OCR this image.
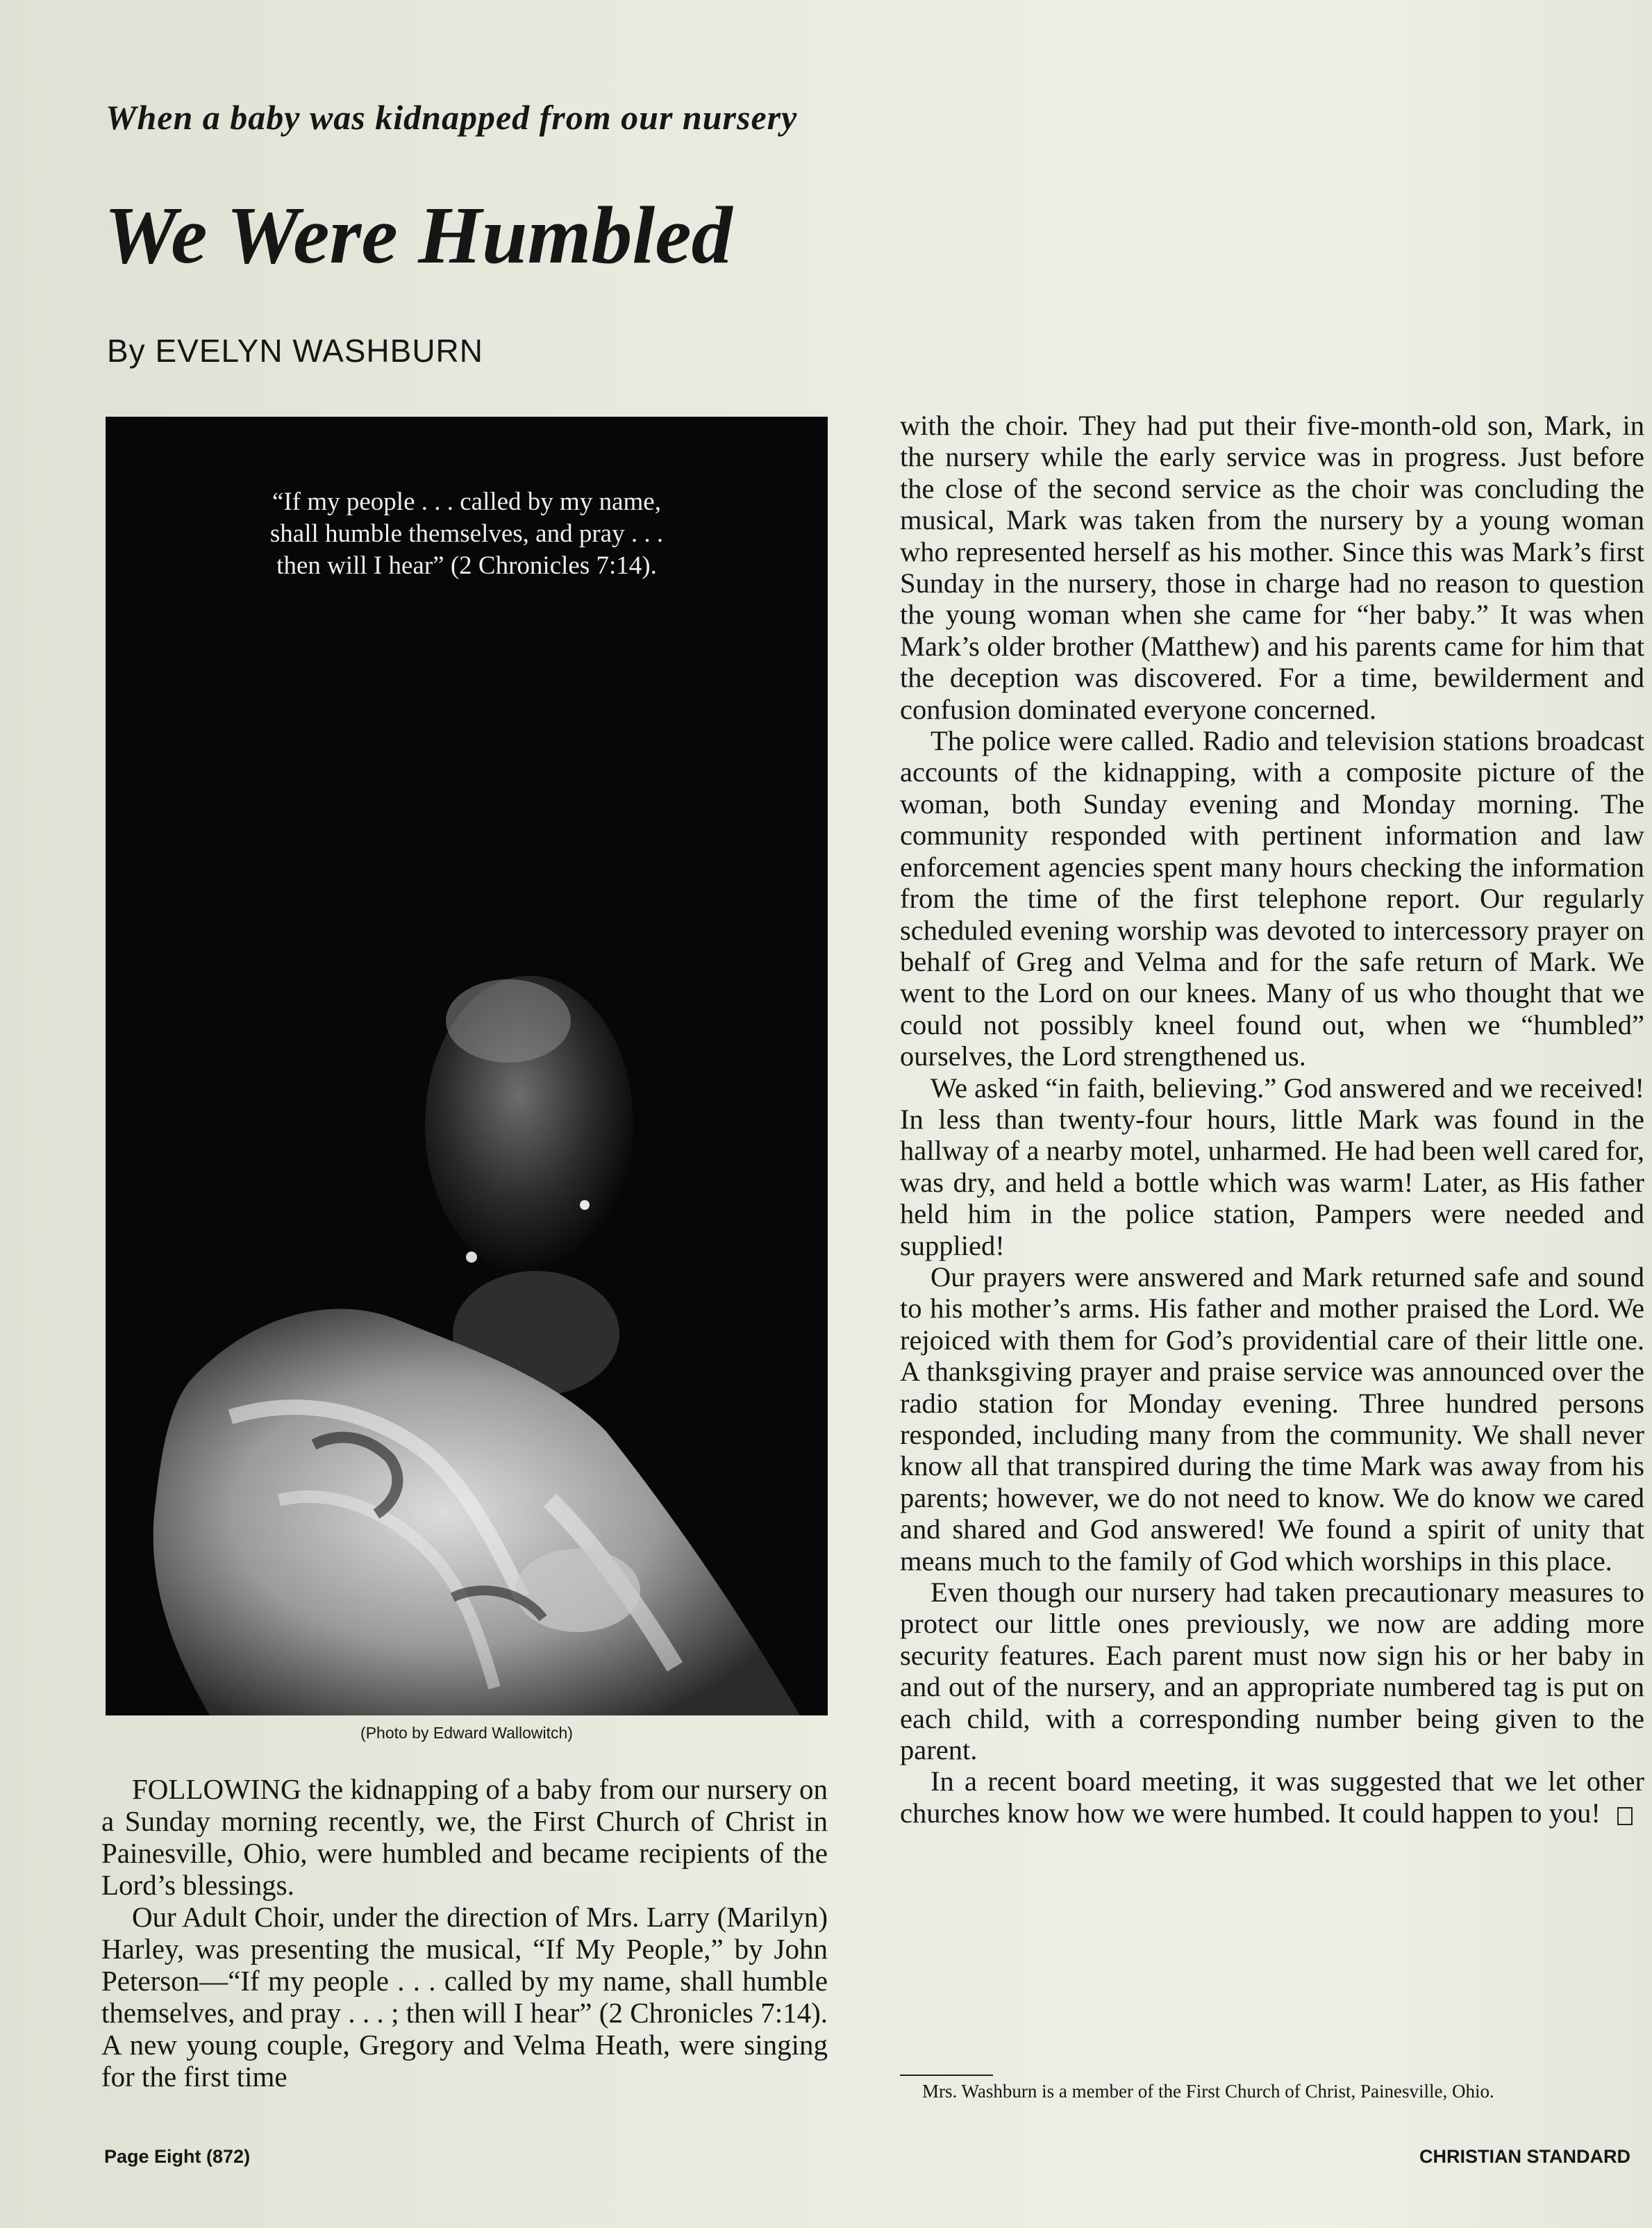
When a baby was kidnapped from our nursery
We Were Humbled
By EVELYN WASHBURN
“If my people . . . called by my name,
shall humble themselves, and pray . . .
then will I hear” (2 Chronicles 7:14).
(Photo by Edward Wallowitch)

FOLLOWING the kidnapping of a baby from our nursery on a Sunday morning recently, we, the First Church of Christ in Painesville, Ohio, were humbled and became recipients of the Lord’s blessings.

Our Adult Choir, under the direction of Mrs. Larry (Marilyn) Harley, was presenting the musical, “If My People,” by John Peterson—“If my people . . . called by my name, shall humble themselves, and pray . . . ; then will I hear” (2 Chronicles 7:14). A new young couple, Gregory and Velma Heath, were singing for the first time

with the choir. They had put their five-month-old son, Mark, in the nursery while the early service was in progress. Just before the close of the second service as the choir was concluding the musical, Mark was taken from the nursery by a young woman who represented herself as his mother. Since this was Mark’s first Sunday in the nursery, those in charge had no reason to question the young woman when she came for “her baby.” It was when Mark’s older brother (Matthew) and his parents came for him that the deception was discovered. For a time, bewilderment and confusion dominated everyone concerned.

The police were called. Radio and television stations broadcast accounts of the kidnapping, with a composite picture of the woman, both Sunday evening and Monday morning. The community responded with pertinent information and law enforcement agencies spent many hours checking the information from the time of the first telephone report. Our regularly scheduled evening worship was devoted to intercessory prayer on behalf of Greg and Velma and for the safe return of Mark. We went to the Lord on our knees. Many of us who thought that we could not possibly kneel found out, when we “humbled” ourselves, the Lord strengthened us.

We asked “in faith, believing.” God answered and we received! In less than twenty-four hours, little Mark was found in the hallway of a nearby motel, unharmed. He had been well cared for, was dry, and held a bottle which was warm! Later, as His father held him in the police station, Pampers were needed and supplied!

Our prayers were answered and Mark returned safe and sound to his mother’s arms. His father and mother praised the Lord. We rejoiced with them for God’s providential care of their little one. A thanksgiving prayer and praise service was announced over the radio station for Monday evening. Three hundred persons responded, including many from the community. We shall never know all that transpired during the time Mark was away from his parents; however, we do not need to know. We do know we cared and shared and God answered! We found a spirit of unity that means much to the family of God which worships in this place.

Even though our nursery had taken precautionary measures to protect our little ones previously, we now are adding more security features. Each parent must now sign his or her baby in and out of the nursery, and an appropriate numbered tag is put on each child, with a corresponding number being given to the parent.

In a recent board meeting, it was suggested that we let other churches know how we were humbed. It could happen to you!

Mrs. Washburn is a member of the First Church of Christ, Painesville, Ohio.
Page Eight (872)	CHRISTIAN STANDARD
